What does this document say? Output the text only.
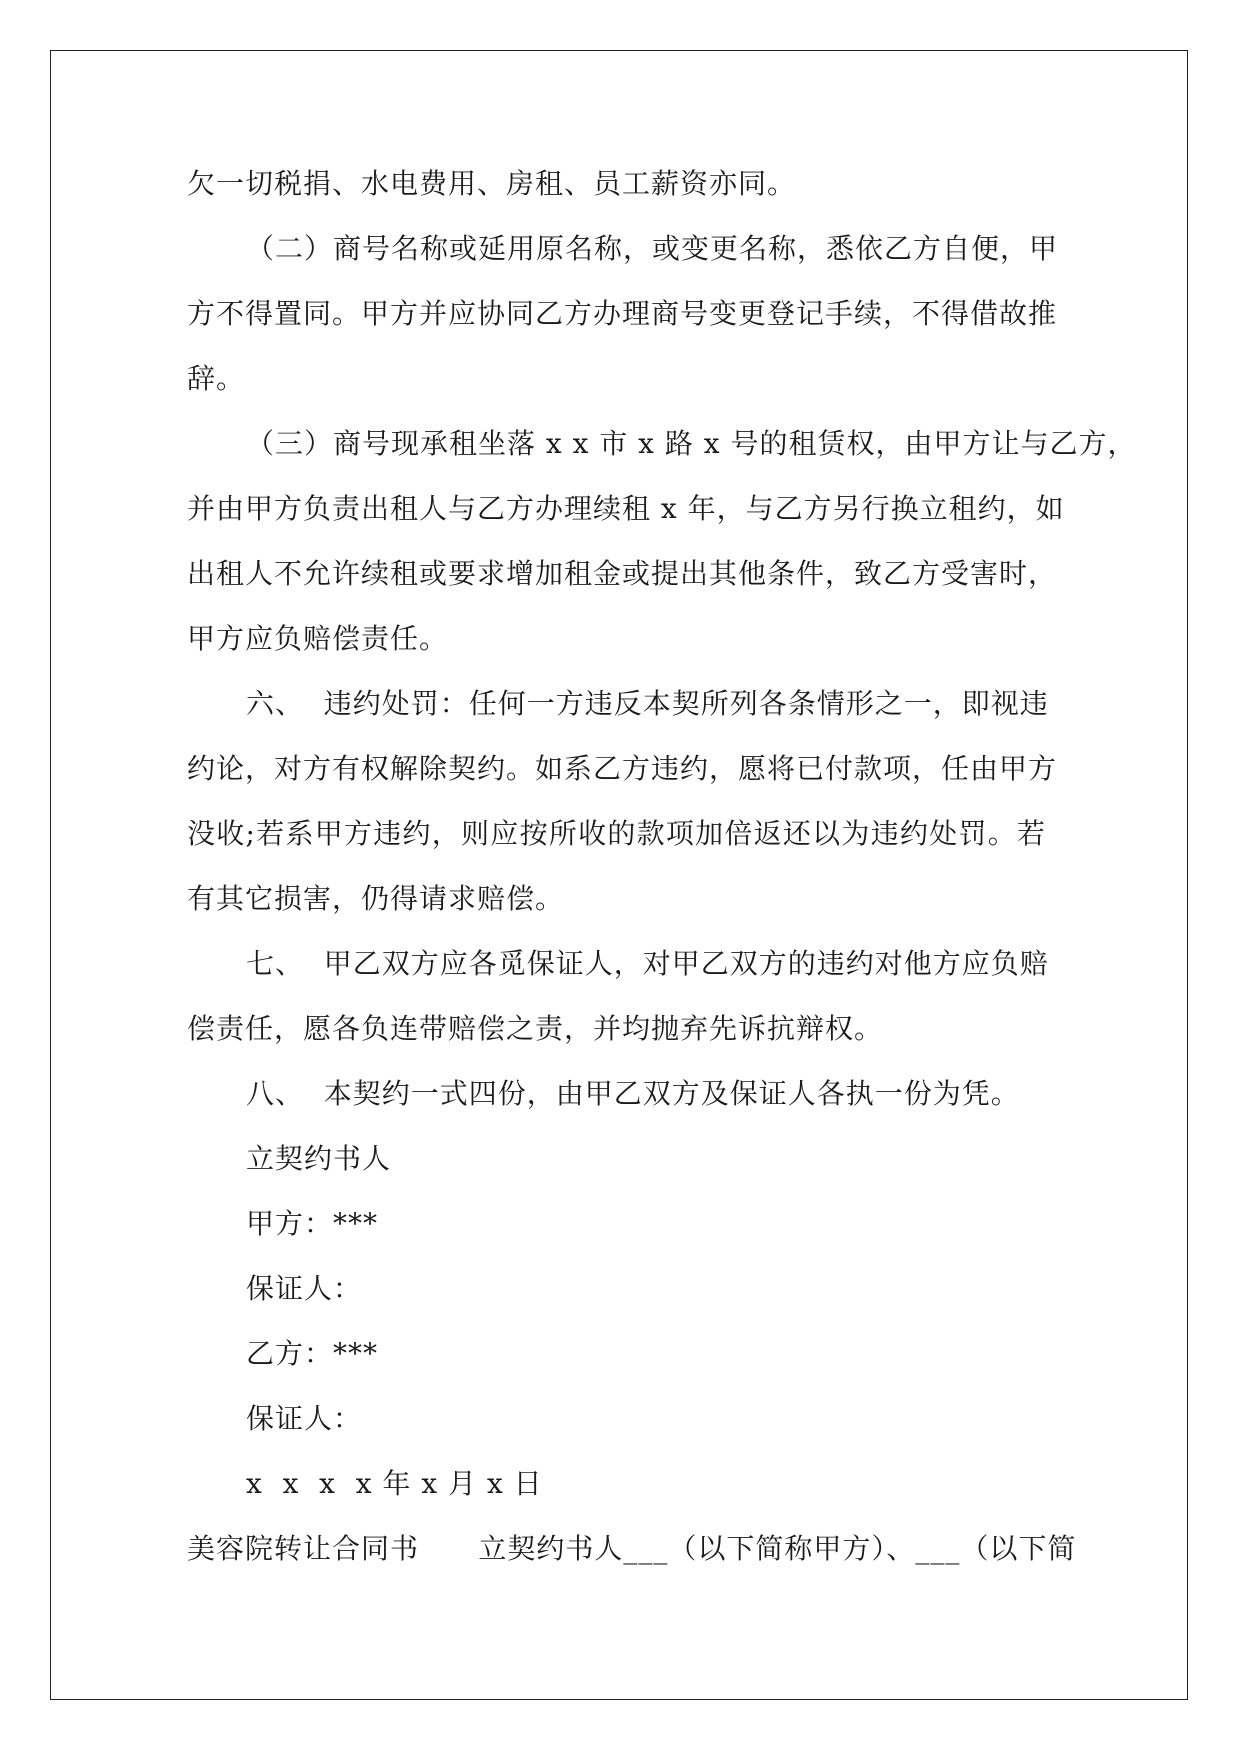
欠一切税捐、水电费用、房租、员工薪资亦同。
（二）商号名称或延用原名称，或变更名称，悉依乙方自便，甲
方不得置同。甲方并应协同乙方办理商号变更登记手续，不得借故推
辞。
（三）商号现承租坐落 x x 市 x 路 x 号的租赁权，由甲方让与乙方，
并由甲方负责出租人与乙方办理续租 x 年，与乙方另行换立租约，如
出租人不允许续租或要求增加租金或提出其他条件，致乙方受害时，
甲方应负赔偿责任。
六、  违约处罚：任何一方违反本契所列各条情形之一，即视违
约论，对方有权解除契约。如系乙方违约，愿将已付款项，任由甲方
没收;若系甲方违约，则应按所收的款项加倍返还以为违约处罚。若
有其它损害，仍得请求赔偿。
七、  甲乙双方应各觅保证人，对甲乙双方的违约对他方应负赔
偿责任，愿各负连带赔偿之责，并均抛弃先诉抗辩权。
八、  本契约一式四份，由甲乙双方及保证人各执一份为凭。
立契约书人
甲方：***
保证人：
乙方：***
保证人：
x  x  x  x 年 x 月 x 日
美容院转让合同书      立契约书人___（以下简称甲方）、___（以下简
